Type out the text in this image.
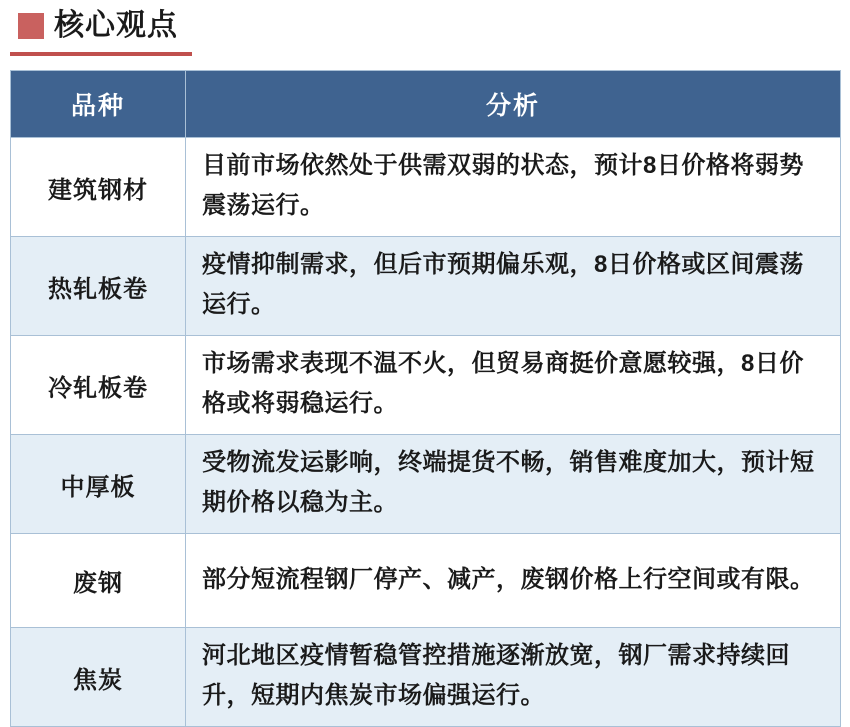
核心观点
品种	分析
建筑钢材	目前市场依然处于供需双弱的状态，预计8日价格将弱势震荡运行。
热轧板卷	疫情抑制需求，但后市预期偏乐观，8日价格或区间震荡运行。
冷轧板卷	市场需求表现不温不火，但贸易商挺价意愿较强，8日价格或将弱稳运行。
中厚板	受物流发运影响，终端提货不畅，销售难度加大，预计短期价格以稳为主。
废钢	部分短流程钢厂停产、减产，废钢价格上行空间或有限。
焦炭	河北地区疫情暂稳管控措施逐渐放宽，钢厂需求持续回升，短期内焦炭市场偏强运行。
